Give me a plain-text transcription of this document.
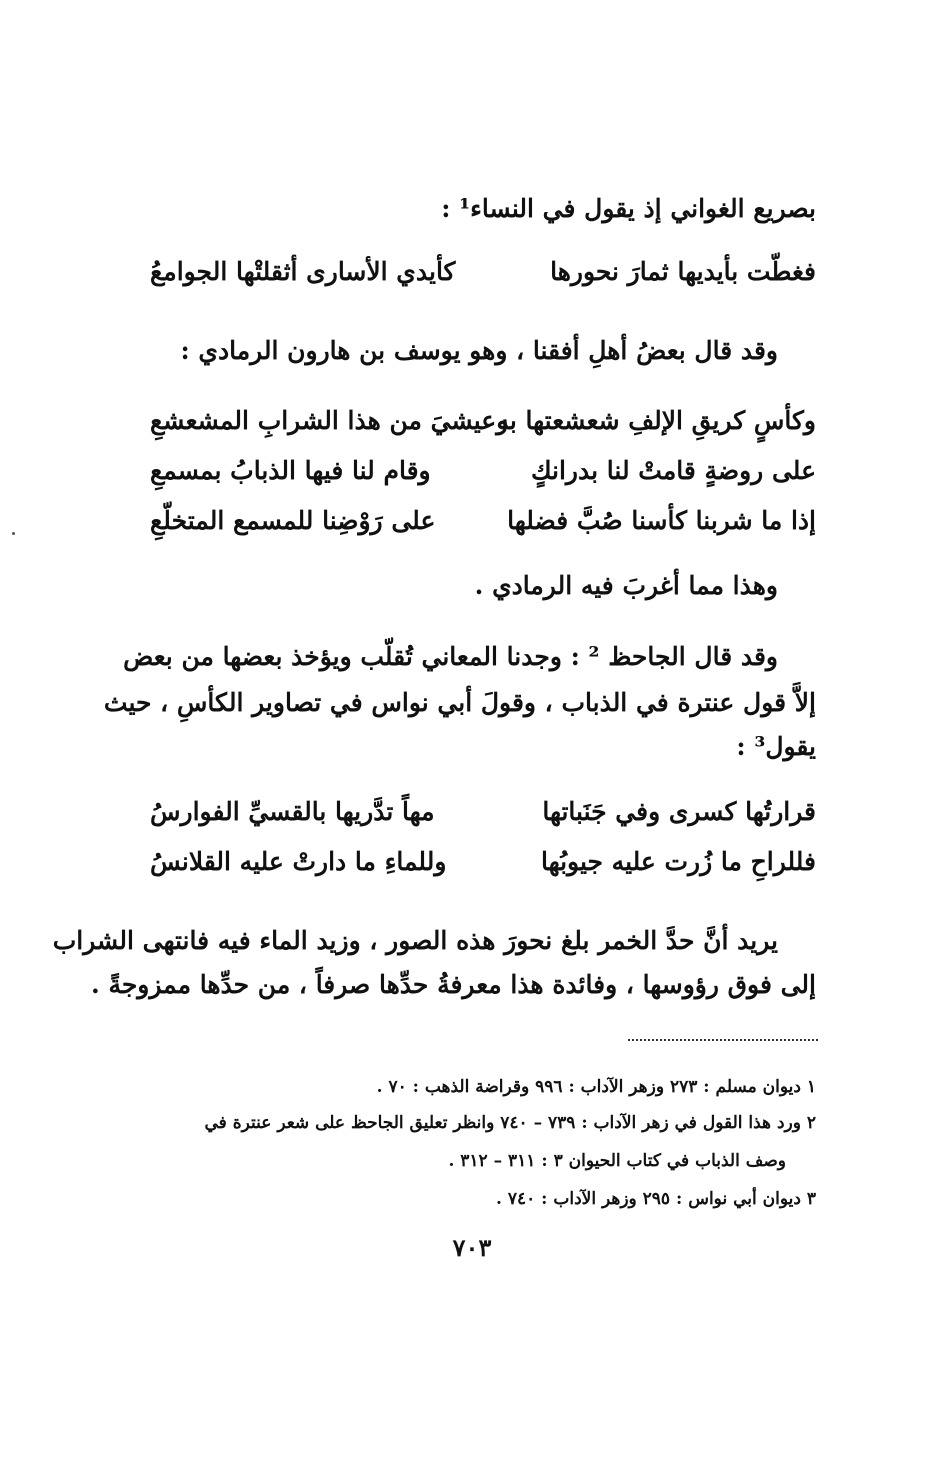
بصريع الغواني إذ يقول في النساء¹ :
فغطّت بأيديها ثمارَ نحورها
كأيدي الأسارى أثقلتْها الجوامعُ
وقد قال بعضُ أهلِ أفقنا ، وهو يوسف بن هارون الرمادي :
وكأسٍ كريقِ الإلفِ شعشعتها به
وعيشيَ من هذا الشرابِ المشعشعِ
على روضةٍ قامتْ لنا بدرانكٍ
وقام لنا فيها الذبابُ بمسمعِ
إذا ما شربنا كأسنا صُبَّ فضلها
على رَوْضِنا للمسمع المتخلّعِ
وهذا مما أغربَ فيه الرمادي .
وقد قال الجاحظ ² : وجدنا المعاني تُقلّب ويؤخذ بعضها من بعض
إلاَّ قول عنترة في الذباب ، وقولَ أبي نواس في تصاوير الكأسِ ، حيث
يقول³ :
قرارتُها كسرى وفي جَنَباتها
مهاً تدَّريها بالقسيِّ الفوارسُ
فللراحِ ما زُرت عليه جيوبُها
وللماءِ ما دارتْ عليه القلانسُ
يريد أنَّ حدَّ الخمر بلغ نحورَ هذه الصور ، وزيد الماء فيه فانتهى الشراب
إلى فوق رؤوسها ، وفائدة هذا معرفةُ حدِّها صرفاً ، من حدِّها ممزوجةً .
١ ديوان مسلم : ٢٧٣ وزهر الآداب : ٩٩٦ وقراضة الذهب : ٧٠ .
٢ ورد هذا القول في زهر الآداب : ٧٣٩ – ٧٤٠ وانظر تعليق الجاحظ على شعر عنترة في
وصف الذباب في كتاب الحيوان ٣ : ٣١١ – ٣١٢ .
٣ ديوان أبي نواس : ٢٩٥ وزهر الآداب : ٧٤٠ .
٧٠٣
